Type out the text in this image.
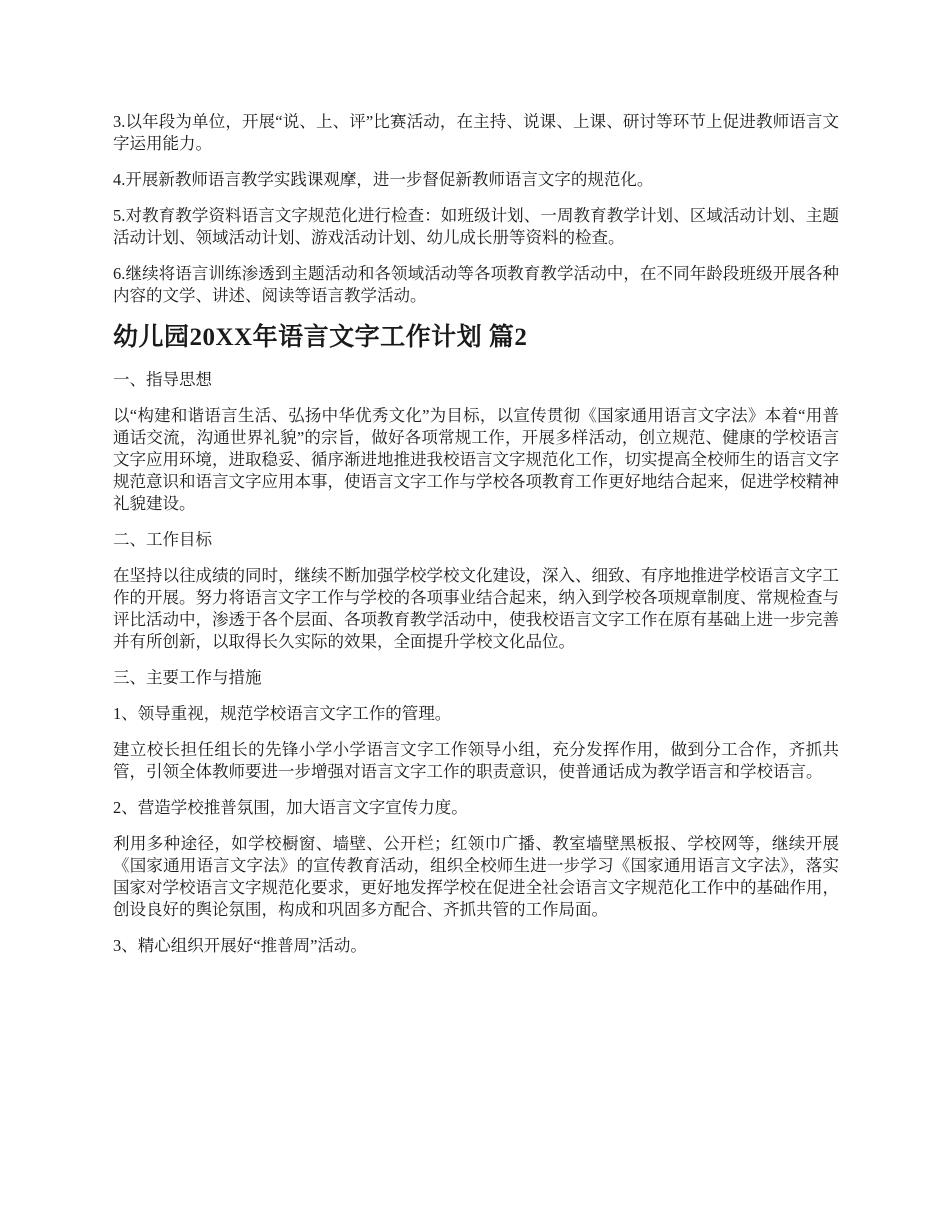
3.以年段为单位，开展“说、上、评”比赛活动，在主持、说课、上课、研讨等环节上促进教师语言文字运用能力。

4.开展新教师语言教学实践课观摩，进一步督促新教师语言文字的规范化。

5.对教育教学资料语言文字规范化进行检查：如班级计划、一周教育教学计划、区域活动计划、主题活动计划、领域活动计划、游戏活动计划、幼儿成长册等资料的检查。

6.继续将语言训练渗透到主题活动和各领域活动等各项教育教学活动中，在不同年龄段班级开展各种内容的文学、讲述、阅读等语言教学活动。

幼儿园20XX年语言文字工作计划 篇2

一、指导思想

以“构建和谐语言生活、弘扬中华优秀文化”为目标，以宣传贯彻《国家通用语言文字法》本着“用普通话交流，沟通世界礼貌”的宗旨，做好各项常规工作，开展多样活动，创立规范、健康的学校语言文字应用环境，进取稳妥、循序渐进地推进我校语言文字规范化工作，切实提高全校师生的语言文字规范意识和语言文字应用本事，使语言文字工作与学校各项教育工作更好地结合起来，促进学校精神礼貌建设。

二、工作目标

在坚持以往成绩的同时，继续不断加强学校学校文化建设，深入、细致、有序地推进学校语言文字工作的开展。努力将语言文字工作与学校的各项事业结合起来，纳入到学校各项规章制度、常规检查与评比活动中，渗透于各个层面、各项教育教学活动中，使我校语言文字工作在原有基础上进一步完善并有所创新，以取得长久实际的效果，全面提升学校文化品位。

三、主要工作与措施

1、领导重视，规范学校语言文字工作的管理。

建立校长担任组长的先锋小学小学语言文字工作领导小组，充分发挥作用，做到分工合作，齐抓共管，引领全体教师要进一步增强对语言文字工作的职责意识，使普通话成为教学语言和学校语言。

2、营造学校推普氛围，加大语言文字宣传力度。

利用多种途径，如学校橱窗、墙壁、公开栏；红领巾广播、教室墙壁黑板报、学校网等，继续开展《国家通用语言文字法》的宣传教育活动，组织全校师生进一步学习《国家通用语言文字法》，落实国家对学校语言文字规范化要求，更好地发挥学校在促进全社会语言文字规范化工作中的基础作用，创设良好的舆论氛围，构成和巩固多方配合、齐抓共管的工作局面。

3、精心组织开展好“推普周”活动。
